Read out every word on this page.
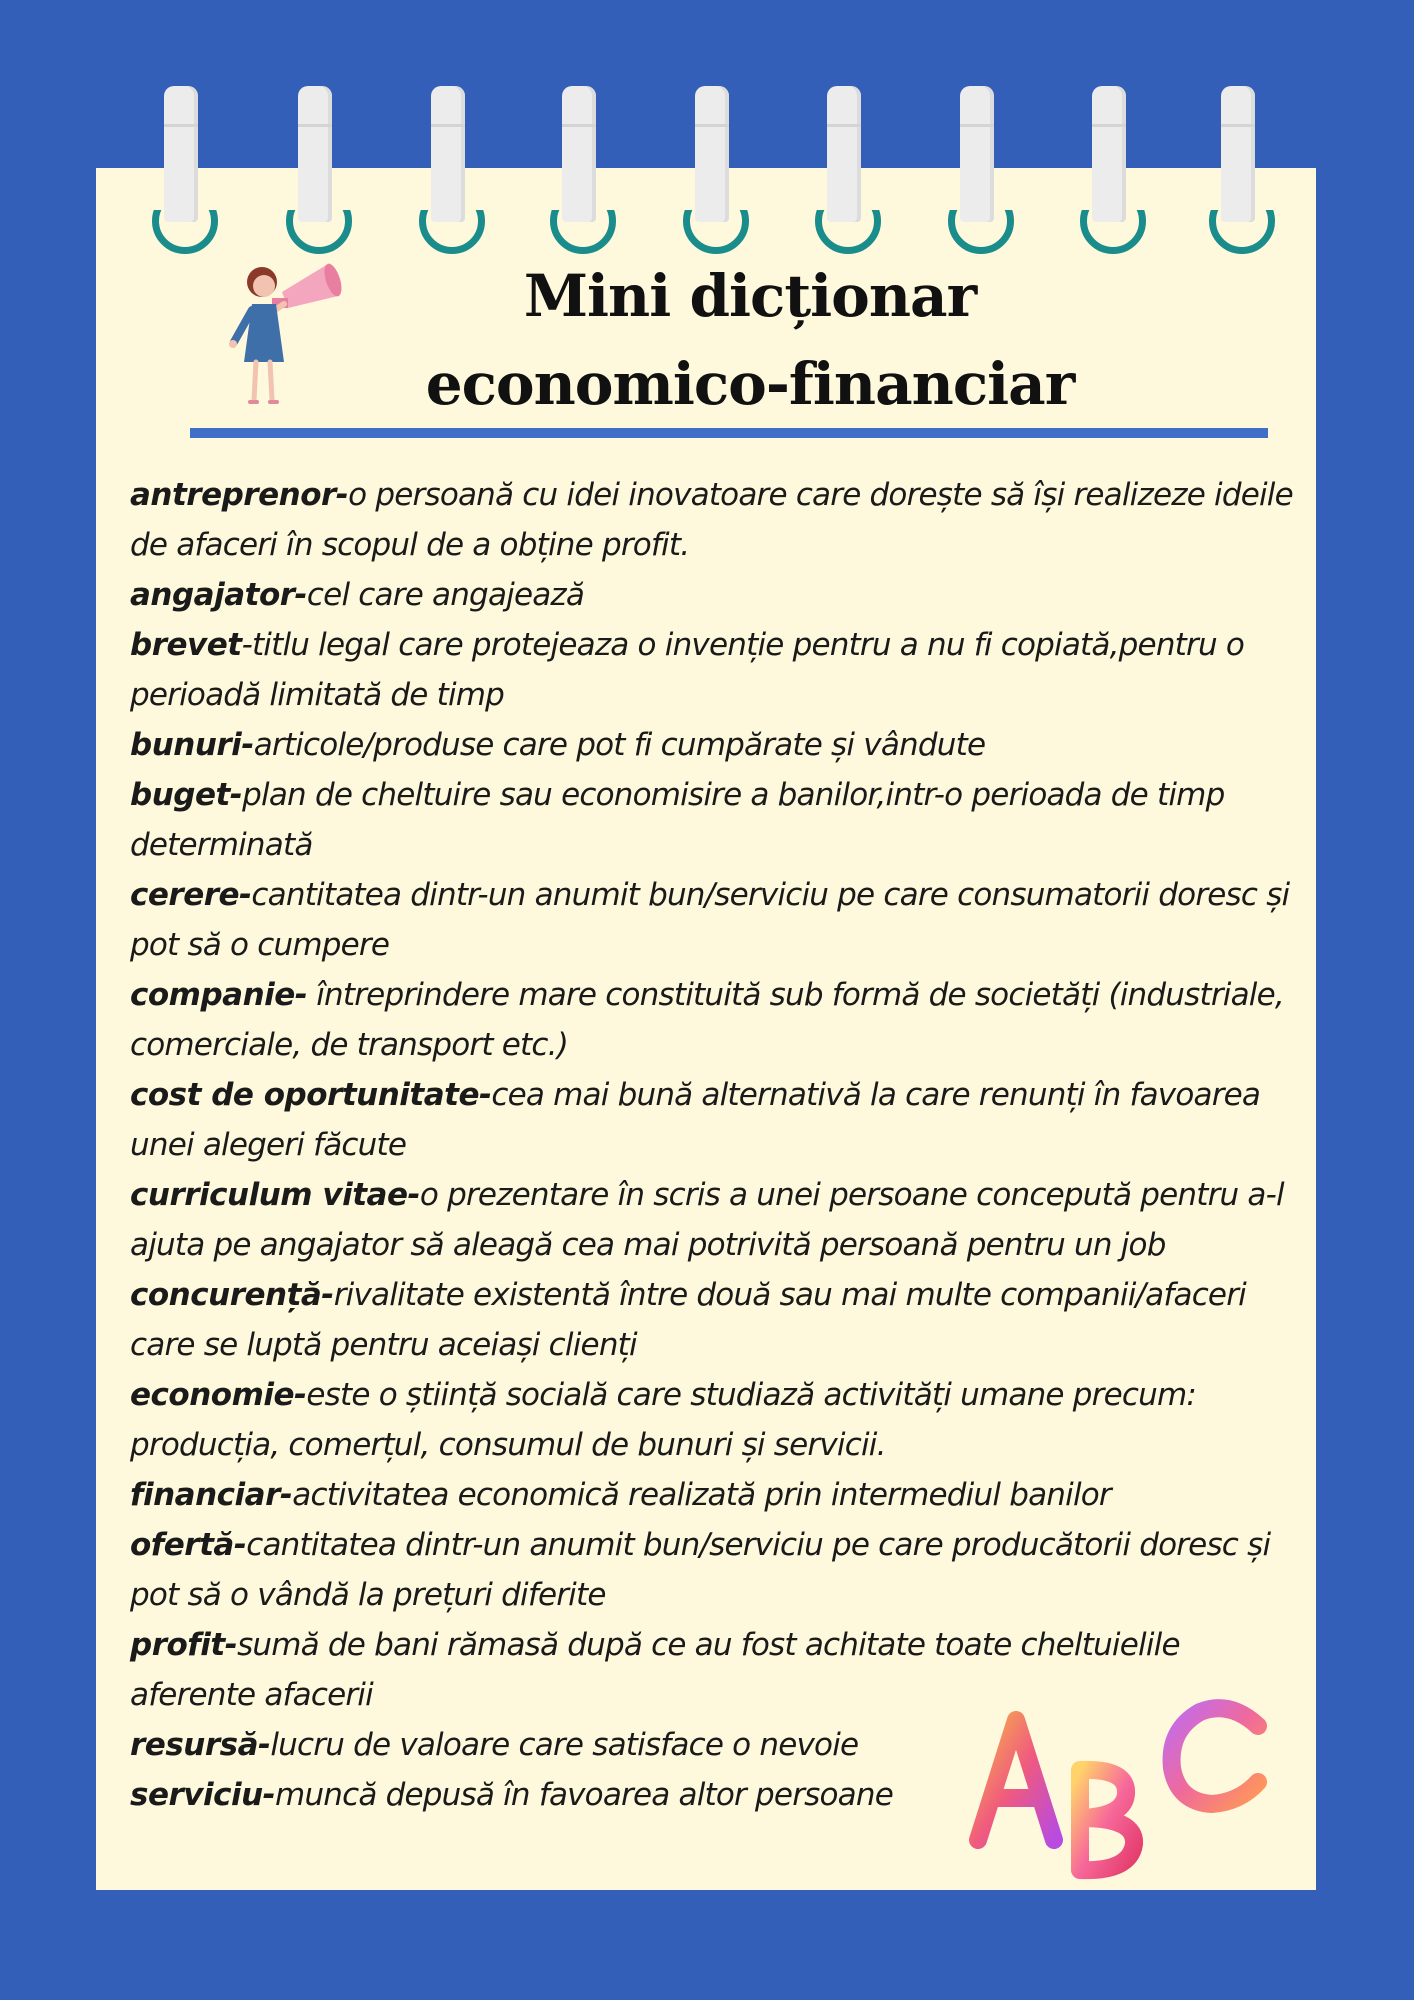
Mini dicționar
economico-financiar

antreprenor-o persoană cu idei inovatoare care dorește să își realizeze ideile de afaceri în scopul de a obține profit.

angajator-cel care angajează

brevet-titlu legal care protejeaza o invenție pentru a nu fi copiată,pentru o perioadă limitată de timp

bunuri-articole/produse care pot fi cumpărate și vândute

buget-plan de cheltuire sau economisire a banilor,intr-o perioada de timp determinată

cerere-cantitatea dintr-un anumit bun/serviciu pe care consumatorii doresc și pot să o cumpere

companie- întreprindere mare constituită sub formă de societăți (industriale, comerciale, de transport etc.)

cost de oportunitate-cea mai bună alternativă la care renunți în favoarea unei alegeri făcute

curriculum vitae-o prezentare în scris a unei persoane concepută pentru a-l ajuta pe angajator să aleagă cea mai potrivită persoană pentru un job

concurență-rivalitate existentă între două sau mai multe companii/afaceri care se luptă pentru aceiași clienți

economie-este o știință socială care studiază activități umane precum: producția, comerțul, consumul de bunuri și servicii.

financiar-activitatea economică realizată prin intermediul banilor

ofertă-cantitatea dintr-un anumit bun/serviciu pe care producătorii doresc și pot să o vândă la prețuri diferite

profit-sumă de bani rămasă după ce au fost achitate toate cheltuielile aferente afacerii

resursă-lucru de valoare care satisface o nevoie

serviciu-muncă depusă în favoarea altor persoane
